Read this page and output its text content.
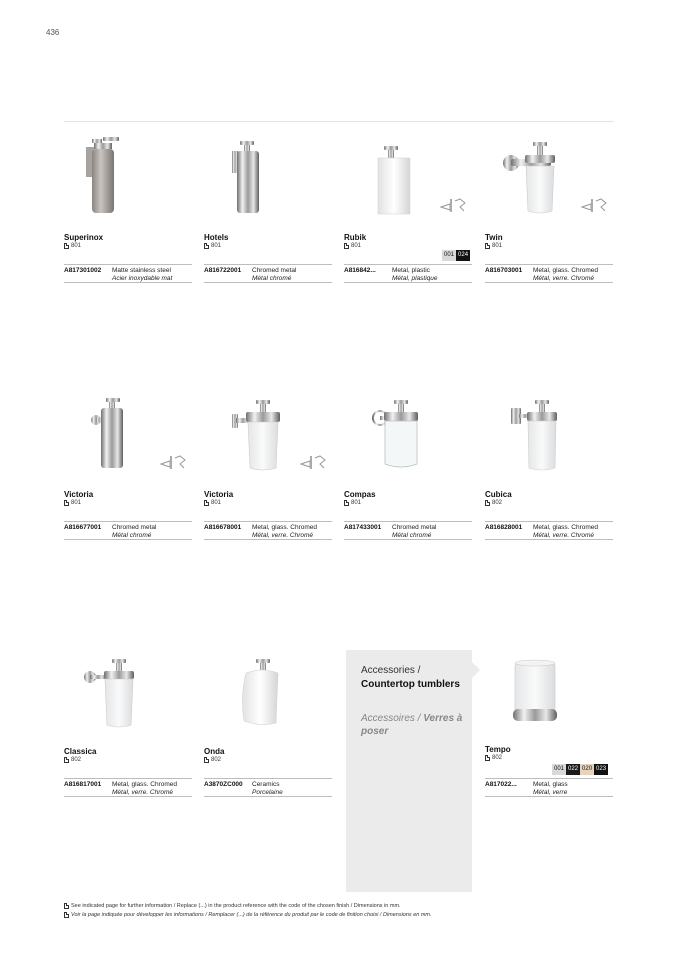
436
Superinox
801
A817301002 Matte stainless steel
Acier inoxydable mat
Hotels
801
A816722001 Chromed metal
Métal chromé
Rubik
801
001 024
A816842... Metal, plastic
Métal, plastique
Twin
801
A816703001 Metal, glass. Chromed
Métal, verre. Chromé
Victoria
801
A816677001 Chromed metal
Métal chromé
Victoria
801
A816678001 Metal, glass. Chromed
Métal, verre. Chromé
Compas
801
A817433001 Chromed metal
Métal chromé
Cubica
802
A816828001 Metal, glass. Chromed
Métal, verre. Chromé
Classica
802
A816817001 Metal, glass. Chromed
Métal, verre. Chromé
Onda
802
A3870ZC000 Ceramics
Porcelaine
Accessories /
Countertop tumblers
Accessoires / Verres à poser
Tempo
802
001 022 020 023
A817022... Metal, glass
Métal, verre
See indicated page for further information / Replace (...) in the product reference with the code of the chosen finish / Dimensions in mm.
Voir la page indiquée pour développer les informations / Remplacer (...) de la référence du produit par le code de finition choisi / Dimensions en mm.
